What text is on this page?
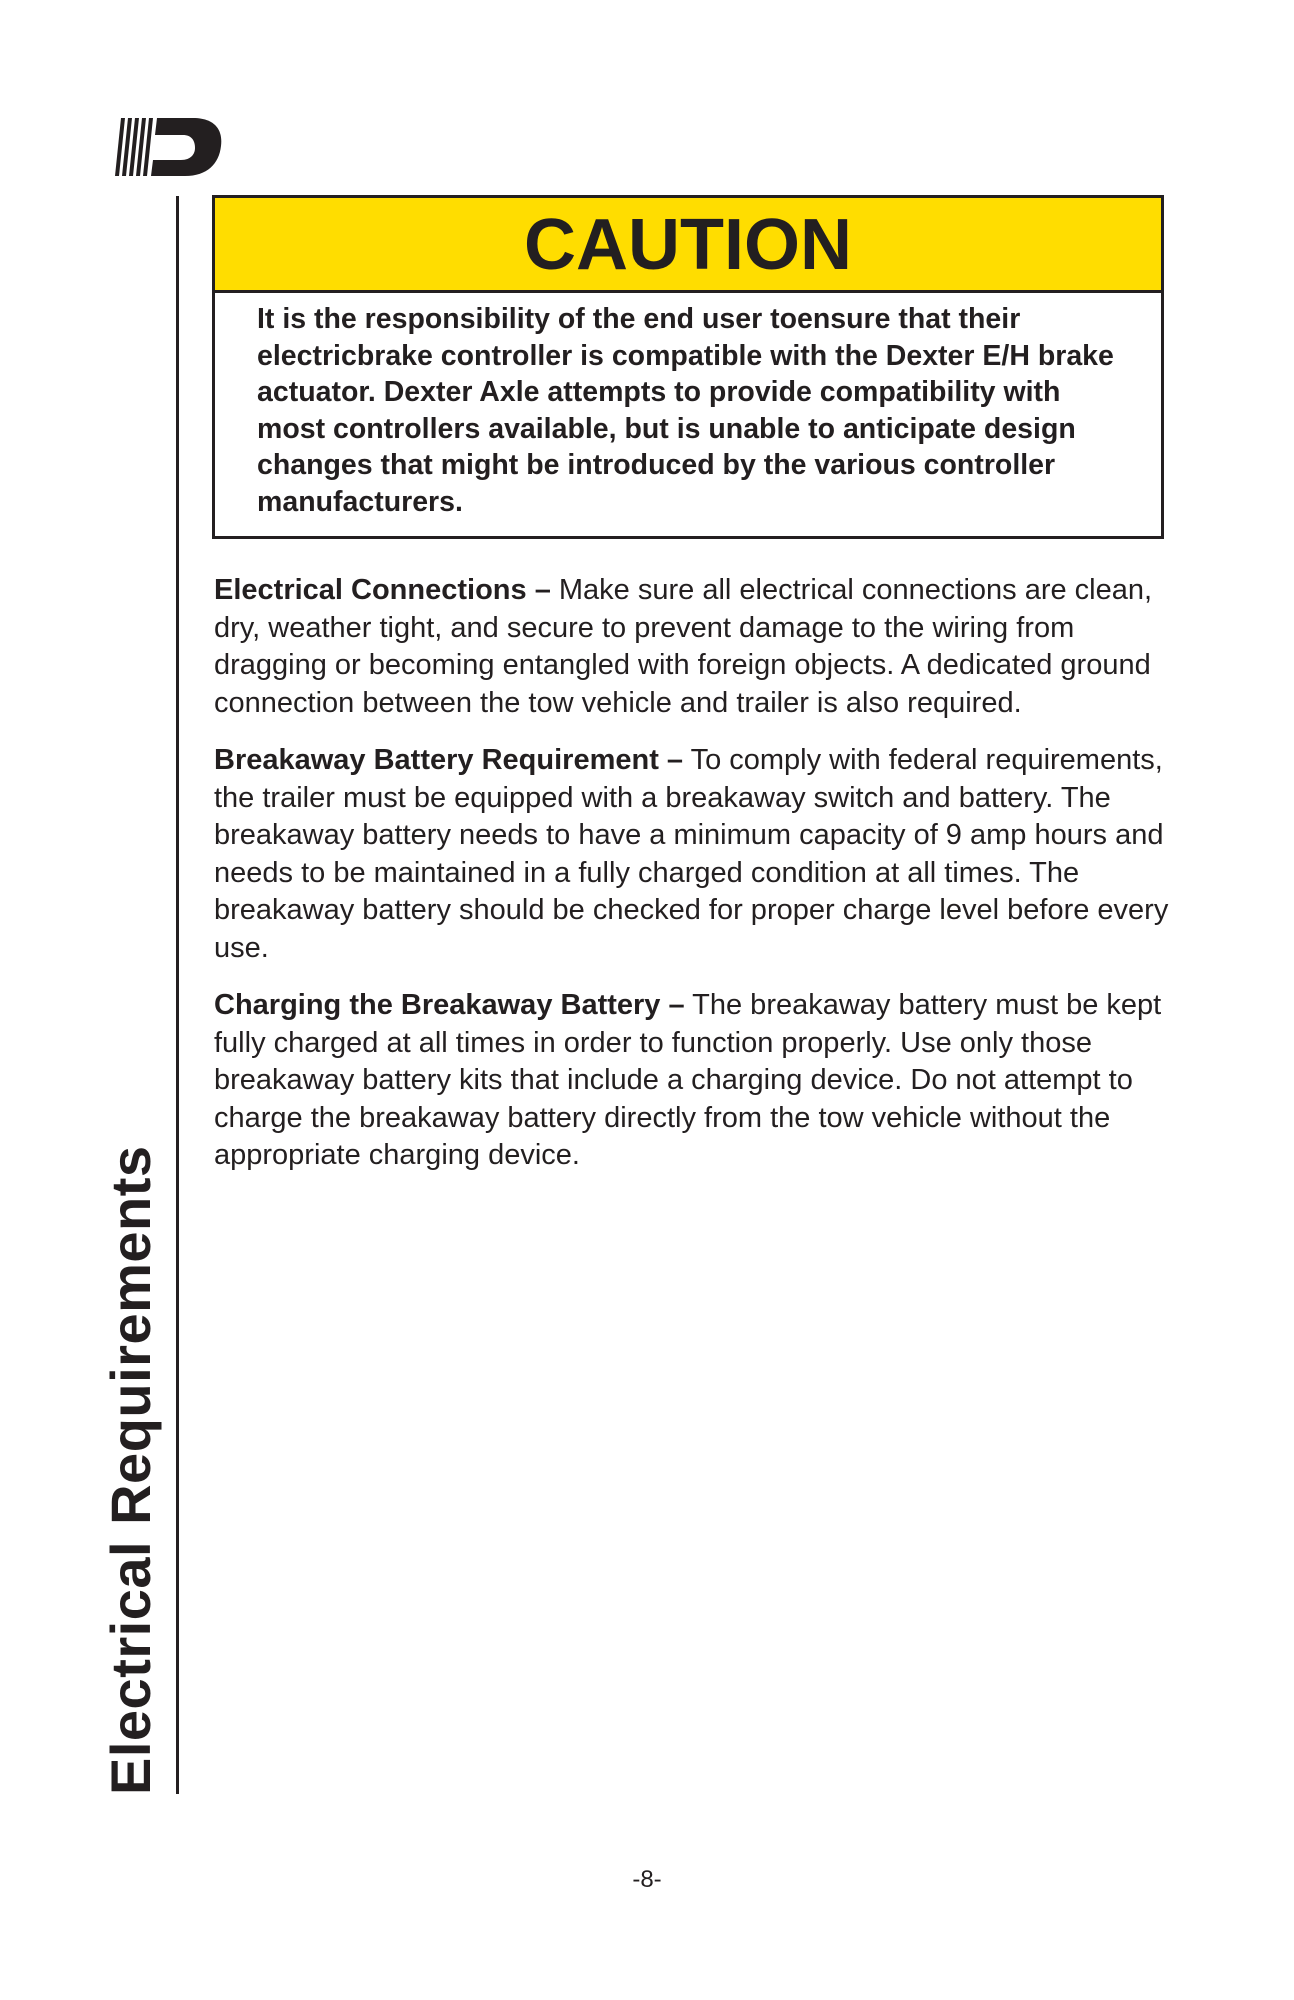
Electrical Requirements
CAUTION
It is the responsibility of the end user toensure that their electricbrake controller is compatible with the Dexter E/H brake actuator. Dexter Axle attempts to provide compatibility with most controllers available, but is unable to anticipate design changes that might be introduced by the various controller manufacturers.

Electrical Connections – Make sure all electrical connections are clean, dry, weather tight, and secure to prevent damage to the wiring from dragging or becoming entangled with foreign objects. A dedicated ground connection between the tow vehicle and trailer is also required.

Breakaway Battery Requirement – To comply with federal requirements, the trailer must be equipped with a breakaway switch and battery. The breakaway battery needs to have a minimum capacity of 9 amp hours and needs to be maintained in a fully charged condition at all times. The breakaway battery should be checked for proper charge level before every use.

Charging the Breakaway Battery – The breakaway battery must be kept fully charged at all times in order to function properly. Use only those breakaway battery kits that include a charging device. Do not attempt to charge the breakaway battery directly from the tow vehicle without the appropriate charging device.

-8-
